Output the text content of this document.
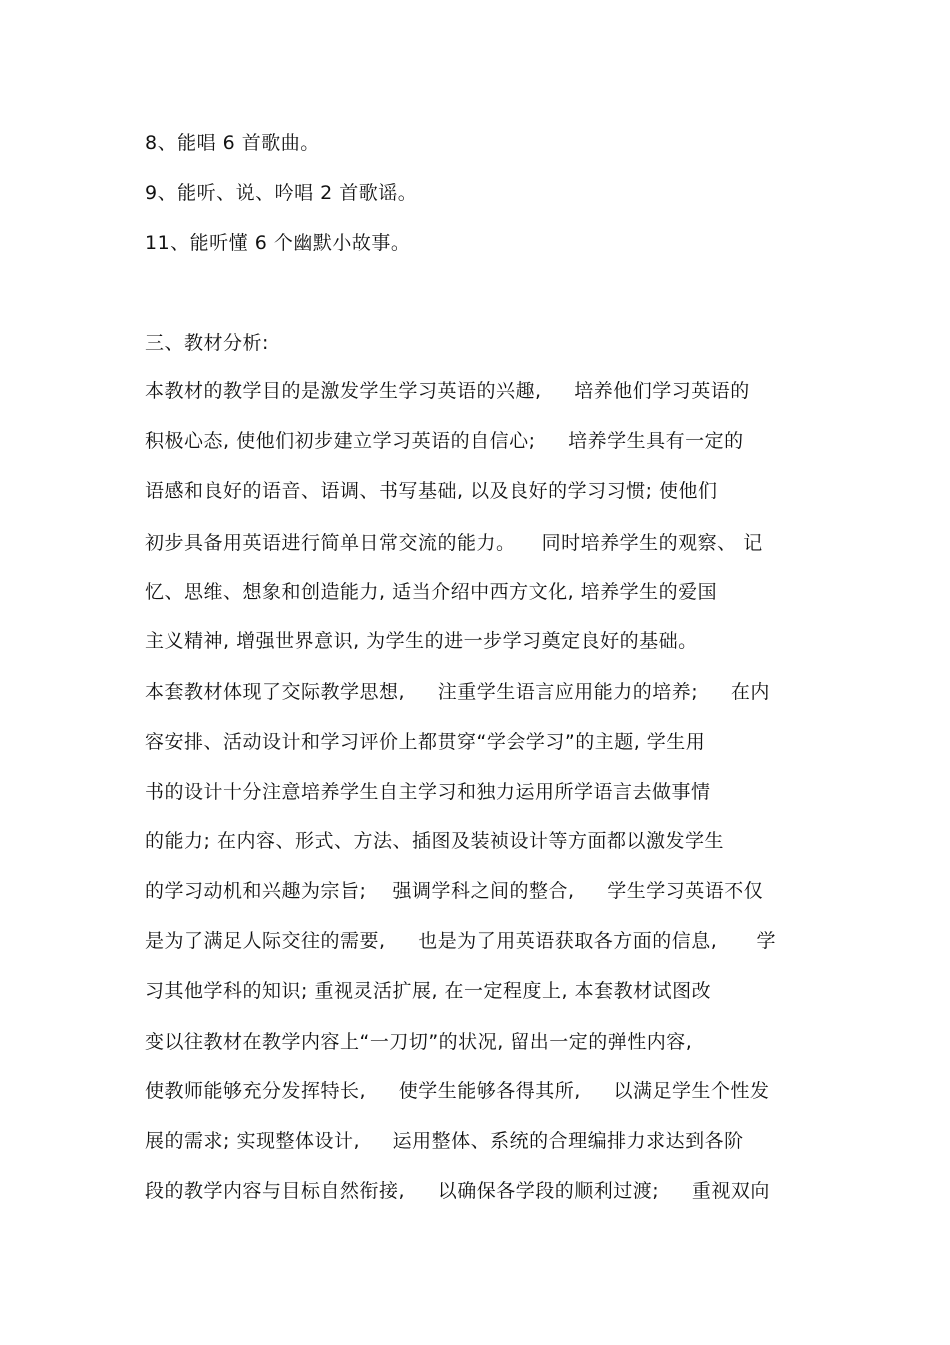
8、能唱 6 首歌曲。
9、能听、说、吟唱 2 首歌谣。
11、能听懂 6 个幽默小故事。
三、教材分析:
本教材的教学目的是激发学生学习英语的兴趣,     培养他们学习英语的
积极心态, 使他们初步建立学习英语的自信心;     培养学生具有一定的
语感和良好的语音、语调、书写基础, 以及良好的学习习惯; 使他们
初步具备用英语进行简单日常交流的能力。    同时培养学生的观察、 记
忆、思维、想象和创造能力, 适当介绍中西方文化, 培养学生的爱国
主义精神, 增强世界意识, 为学生的进一步学习奠定良好的基础。
本套教材体现了交际教学思想,     注重学生语言应用能力的培养;     在内
容安排、活动设计和学习评价上都贯穿“学会学习”的主题, 学生用
书的设计十分注意培养学生自主学习和独力运用所学语言去做事情
的能力; 在内容、形式、方法、插图及装祯设计等方面都以激发学生
的学习动机和兴趣为宗旨;    强调学科之间的整合,     学生学习英语不仅
是为了满足人际交往的需要,     也是为了用英语获取各方面的信息,      学
习其他学科的知识; 重视灵活扩展, 在一定程度上, 本套教材试图改
变以往教材在教学内容上“一刀切”的状况, 留出一定的弹性内容,
使教师能够充分发挥特长,     使学生能够各得其所,     以满足学生个性发
展的需求; 实现整体设计,     运用整体、系统的合理编排力求达到各阶
段的教学内容与目标自然衔接,     以确保各学段的顺利过渡;     重视双向
